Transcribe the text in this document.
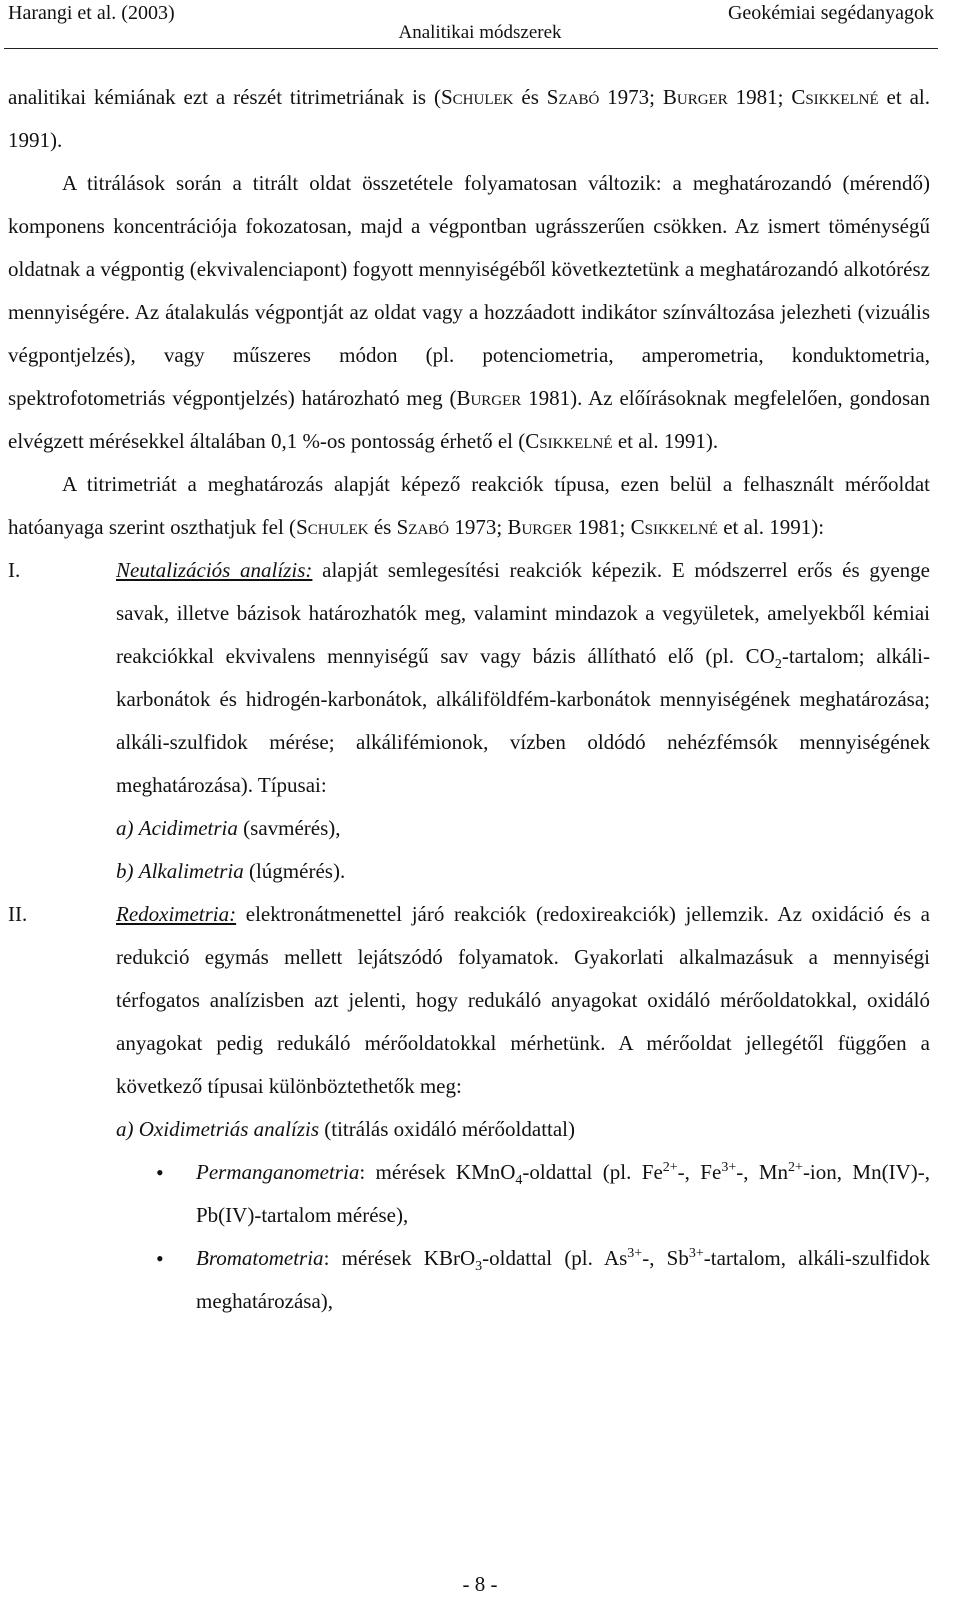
Harangi et al. (2003)	Geokémiai segédanyagok
Analitikai módszerek

analitikai kémiának ezt a részét titrimetriának is (Schulek és Szabó 1973; Burger 1981; Csikkelné et al. 1991).

A titrálások során a titrált oldat összetétele folyamatosan változik: a meghatározandó (mérendő) komponens koncentrációja fokozatosan, majd a végpontban ugrásszerűen csökken. Az ismert töménységű oldatnak a végpontig (ekvivalenciapont) fogyott mennyiségéből következtetünk a meghatározandó alkotórész mennyiségére. Az átalakulás végpontját az oldat vagy a hozzáadott indikátor színváltozása jelezheti (vizuális végpontjelzés), vagy műszeres módon (pl. potenciometria, amperometria, konduktometria, spektrofotometriás végpontjelzés) határozható meg (Burger 1981). Az előírásoknak megfelelően, gondosan elvégzett mérésekkel általában 0,1 %-os pontosság érhető el (Csikkelné et al. 1991).

A titrimetriát a meghatározás alapját képező reakciók típusa, ezen belül a felhasznált mérőoldat hatóanyaga szerint oszthatjuk fel (Schulek és Szabó 1973; Burger 1981; Csikkelné et al. 1991):

I.	Neutalizációs analízis: alapját semlegesítési reakciók képezik. E módszerrel erős és gyenge savak, illetve bázisok határozhatók meg, valamint mindazok a vegyületek, amelyekből kémiai reakciókkal ekvivalens mennyiségű sav vagy bázis állítható elő (pl. $CO_2$-tartalom; alkáli-karbonátok és hidrogén-karbonátok, alkáliföldfém-karbonátok mennyiségének meghatározása; alkáli-szulfidok mérése; alkálifémionok, vízben oldódó nehézfémsók mennyiségének meghatározása). Típusai:

a) Acidimetria (savmérés),

b) Alkalimetria (lúgmérés).

II.	Redoximetria: elektronátmenettel járó reakciók (redoxireakciók) jellemzik. Az oxidáció és a redukció egymás mellett lejátszódó folyamatok. Gyakorlati alkalmazásuk a mennyiségi térfogatos analízisben azt jelenti, hogy redukáló anyagokat oxidáló mérőoldatokkal, oxidáló anyagokat pedig redukáló mérőoldatokkal mérhetünk. A mérőoldat jellegétől függően a következő típusai különböztethetők meg:

a) Oxidimetriás analízis (titrálás oxidáló mérőoldattal)

• Permanganometria: mérések KMnO$_4$-oldattal (pl. $Fe^{2+}-$, $Fe^{3+}-$, $Mn^{2+}$-ion, Mn(IV)-, Pb(IV)-tartalom mérése),
• Bromatometria: mérések KBrO$_3$-oldattal (pl. $As^{3+}-$, $Sb^{3+}$-tartalom, alkáli-szulfidok meghatározása),
- 8 -
